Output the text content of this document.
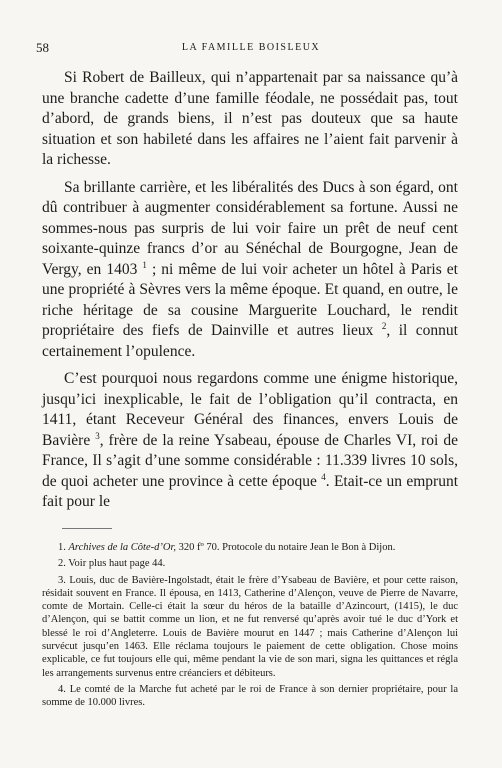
58	LA FAMILLE BOISLEUX

Si Robert de Bailleux, qui n’appartenait par sa naissance qu’à une branche cadette d’une famille féodale, ne possédait pas, tout d’abord, de grands biens, il n’est pas douteux que sa haute situation et son habileté dans les affaires ne l’aient fait parvenir à la richesse.

Sa brillante carrière, et les libéralités des Ducs à son égard, ont dû contribuer à augmenter considérablement sa fortune. Aussi ne sommes-nous pas surpris de lui voir faire un prêt de neuf cent soixante-quinze francs d’or au Sénéchal de Bourgogne, Jean de Vergy, en 1403 $^1$ ; ni même de lui voir acheter un hôtel à Paris et une propriété à Sèvres vers la même époque. Et quand, en outre, le riche héritage de sa cousine Marguerite Louchard, le rendit propriétaire des fiefs de Dainville et autres lieux $^2$, il connut certainement l’opulence.

C’est pourquoi nous regardons comme une énigme historique, jusqu’ici inexplicable, le fait de l’obligation qu’il contracta, en 1411, étant Receveur Général des finances, envers Louis de Bavière $^3$, frère de la reine Ysabeau, épouse de Charles VI, roi de France, Il s’agit d’une somme considérable : 11.339 livres 10 sols, de quoi acheter une province à cette époque $^4$. Etait-ce un emprunt fait pour le

1. Archives de la Côte-d’Or, 320 fº 70. Protocole du notaire Jean le Bon à Dijon.

2. Voir plus haut page 44.

3. Louis, duc de Bavière-Ingolstadt, était le frère d’Ysabeau de Bavière, et pour cette raison, résidait souvent en France. Il épousa, en 1413, Catherine d’Alençon, veuve de Pierre de Navarre, comte de Mortain. Celle-ci était la sœur du héros de la bataille d’Azincourt, (1415), le duc d’Alençon, qui se battit comme un lion, et ne fut renversé qu’après avoir tué le duc d’York et blessé le roi d’Angleterre. Louis de Bavière mourut en 1447 ; mais Catherine d’Alençon lui survécut jusqu’en 1463. Elle réclama toujours le paiement de cette obligation. Chose moins explicable, ce fut toujours elle qui, même pendant la vie de son mari, signa les quittances et régla les arrangements survenus entre créanciers et débiteurs.

4. Le comté de la Marche fut acheté par le roi de France à son dernier propriétaire, pour la somme de 10.000 livres.
